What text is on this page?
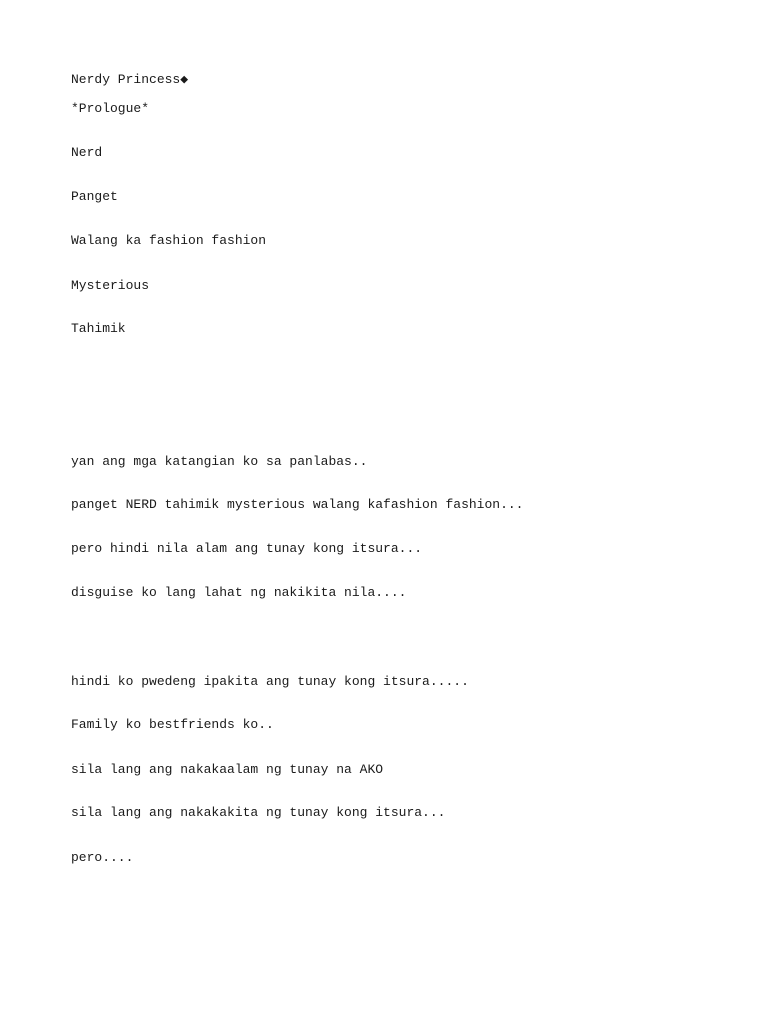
Nerdy Princess◆
*Prologue*
Nerd
Panget
Walang ka fashion fashion
Mysterious
Tahimik
yan ang mga katangian ko sa panlabas..
panget NERD tahimik mysterious walang kafashion fashion...
pero hindi nila alam ang tunay kong itsura...
disguise ko lang lahat ng nakikita nila....
hindi ko pwedeng ipakita ang tunay kong itsura.....
Family ko bestfriends ko..
sila lang ang nakakaalam ng tunay na AKO
sila lang ang nakakakita ng tunay kong itsura...
pero....
